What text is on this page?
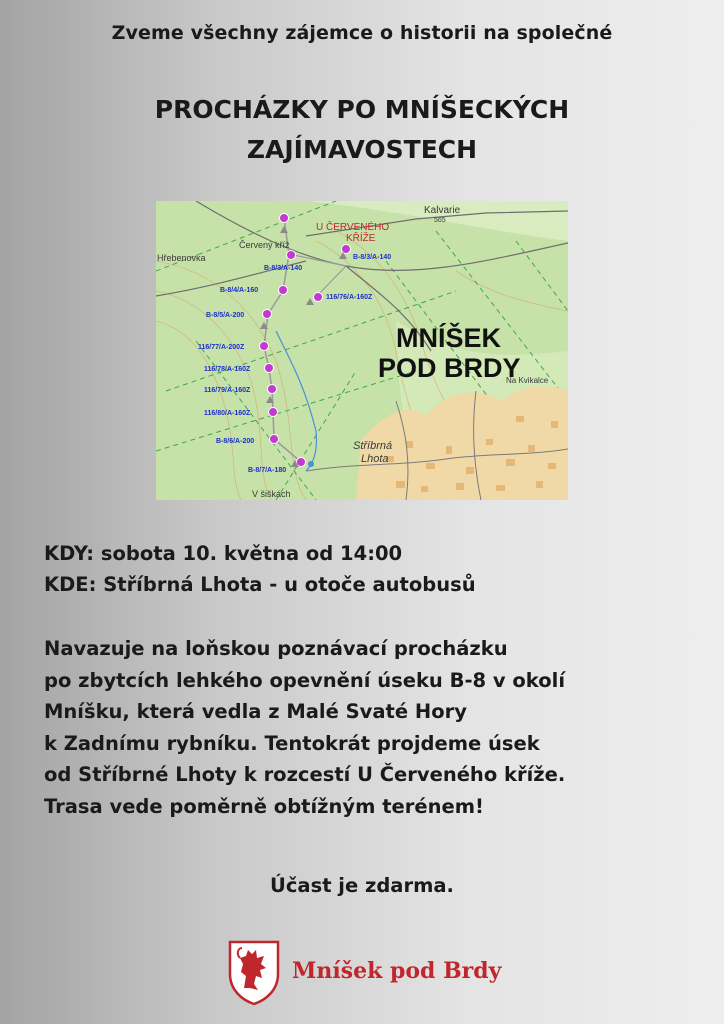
Zveme všechny zájemce o historii na společné
PROCHÁZKY PO MNÍŠECKÝCH
ZAJÍMAVOSTECH
B-8/3/A-140
B-8/3/A-140
B-8/4/A-160
116/76/A-160Z
B-8/5/A-200
116/77/A-200Z
116/78/A-160Z
116/79/A-160Z
116/80/A-160Z
B-8/6/A-200
B-8/7/A-180
Kalvarie
U ČERVENÉHO
KŘÍŽE
565
Červený kříž
Hřebenovka
MNÍŠEK
POD BRDY
Na Kvikalce
Stříbrná
Lhota
V šiškách
KDY: sobota 10. května od 14:00
KDE: Stříbrná Lhota - u otoče autobusů
Navazuje na loňskou poznávací procházku
po zbytcích lehkého opevnění úseku B-8 v okolí
Mníšku, která vedla z Malé Svaté Hory
k Zadnímu rybníku. Tentokrát projdeme úsek
od Stříbrné Lhoty k rozcestí U Červeného kříže.
Trasa vede poměrně obtížným terénem!
Účast je zdarma.
Mníšek pod Brdy
